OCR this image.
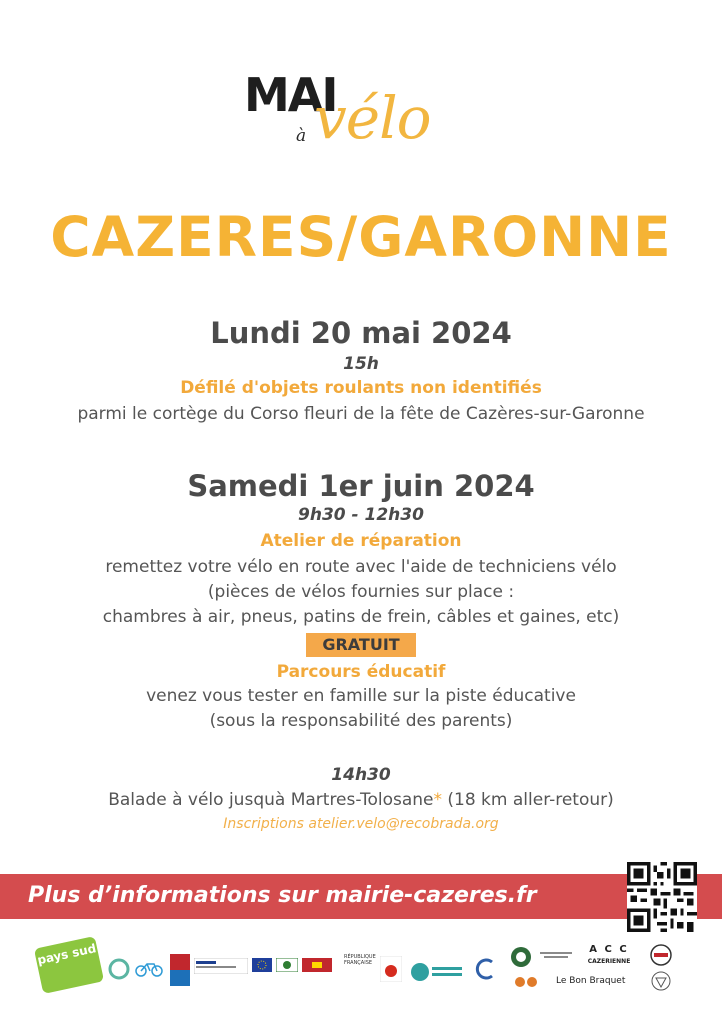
MAI
à vélo
CAZERES/GARONNE
Lundi 20 mai 2024
15h
Défilé d'objets roulants non identifiés
parmi le cortège du Corso fleuri de la fête de Cazères-sur-Garonne
Samedi 1er juin 2024
9h30 - 12h30
Atelier de réparation
remettez votre vélo en route avec l'aide de techniciens vélo
(pièces de vélos fournies sur place :
chambres à air, pneus, patins de frein, câbles et gaines, etc)
GRATUIT
Parcours éducatif
venez vous tester en famille sur la piste éducative
(sous la responsabilité des parents)
14h30
Balade à vélo jusquà Martres-Tolosane* (18 km aller-retour)
Inscriptions atelier.velo@recobrada.org
Plus d’informations sur mairie-cazeres.fr
pays sud	RÉPUBLIQUE FRANÇAISE
A C C
CAZERIENNE
Le Bon Braquet
